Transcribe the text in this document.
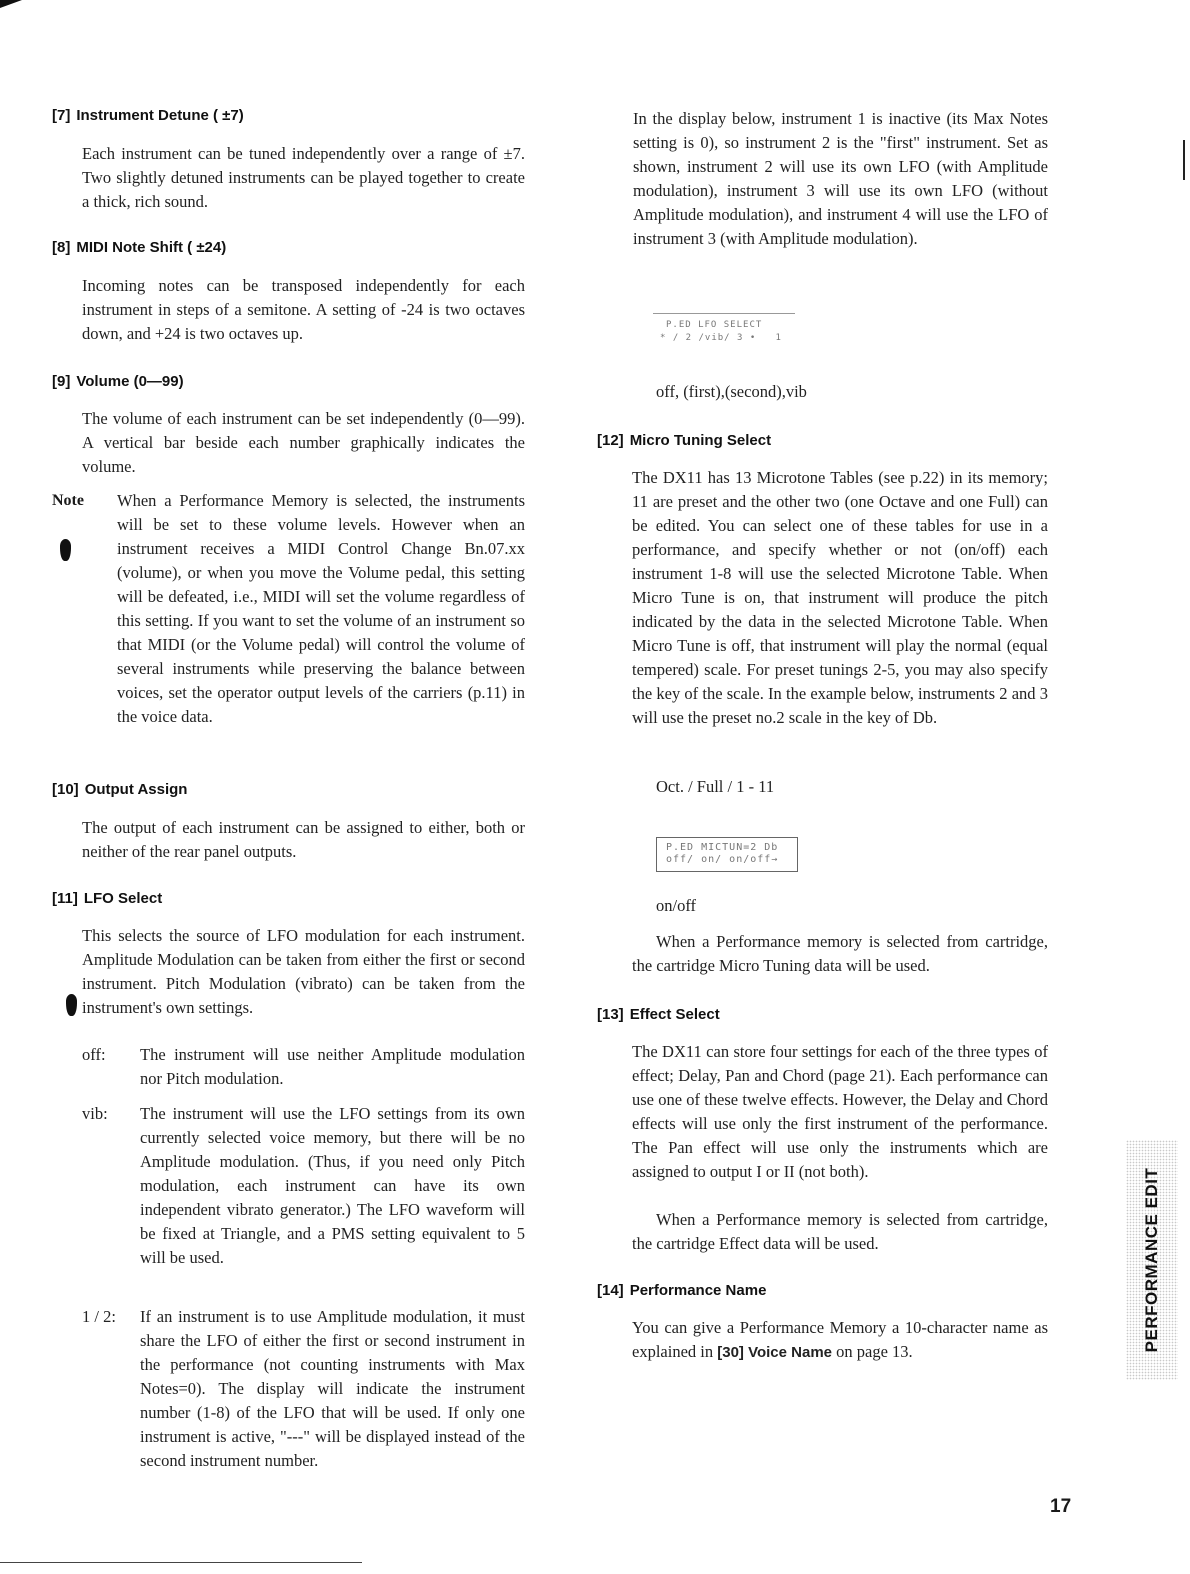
[7] Instrument Detune ( ±7)
Each instrument can be tuned independently over a range of ±7. Two slightly detuned instruments can be played together to create a thick, rich sound.
[8] MIDI Note Shift ( ±24)
Incoming notes can be transposed independently for each instrument in steps of a semitone. A setting of -24 is two octaves down, and +24 is two octaves up.
[9] Volume (0—99)
The volume of each instrument can be set independently (0—99). A vertical bar beside each number graphically indicates the volume.
Note When a Performance Memory is selected, the instruments will be set to these volume levels. However when an instrument receives a MIDI Control Change Bn.07.xx (volume), or when you move the Volume pedal, this setting will be defeated, i.e., MIDI will set the volume regardless of this setting. If you want to set the volume of an instrument so that MIDI (or the Volume pedal) will control the volume of several instruments while preserving the balance between voices, set the operator output levels of the carriers (p.11) in the voice data.
[10] Output Assign
The output of each instrument can be assigned to either, both or neither of the rear panel outputs.
[11] LFO Select
This selects the source of LFO modulation for each instrument. Amplitude Modulation can be taken from either the first or second instrument. Pitch Modulation (vibrato) can be taken from the instrument's own settings.
off:	The instrument will use neither Amplitude modulation nor Pitch modulation.
vib:	The instrument will use the LFO settings from its own currently selected voice memory, but there will be no Amplitude modulation. (Thus, if you need only Pitch modulation, each instrument can have its own independent vibrato generator.) The LFO waveform will be fixed at Triangle, and a PMS setting equivalent to 5 will be used.
1 / 2:	If an instrument is to use Amplitude modulation, it must share the LFO of either the first or second instrument in the performance (not counting instruments with Max Notes=0). The display will indicate the instrument number (1-8) of the LFO that will be used. If only one instrument is active, "---" will be displayed instead of the second instrument number.
In the display below, instrument 1 is inactive (its Max Notes setting is 0), so instrument 2 is the "first" instrument. Set as shown, instrument 2 will use its own LFO (with Amplitude modulation), instrument 3 will use its own LFO (without Amplitude modulation), and instrument 4 will use the LFO of instrument 3 (with Amplitude modulation).
P.ED LFO SELECT
* / 2 /vib/ 3 •   1
off, (first),(second),vib
[12] Micro Tuning Select
The DX11 has 13 Microtone Tables (see p.22) in its memory; 11 are preset and the other two (one Octave and one Full) can be edited. You can select one of these tables for use in a performance, and specify whether or not (on/off) each instrument 1-8 will use the selected Microtone Table. When Micro Tune is on, that instrument will produce the pitch indicated by the data in the selected Microtone Table. When Micro Tune is off, that instrument will play the normal (equal tempered) scale. For preset tunings 2-5, you may also specify the key of the scale. In the example below, instruments 2 and 3 will use the preset no.2 scale in the key of Db.
Oct. / Full / 1 - 11
P.ED MICTUN=2 Db
off/ on/ on/off→
on/off
When a Performance memory is selected from cartridge, the cartridge Micro Tuning data will be used.
[13] Effect Select
The DX11 can store four settings for each of the three types of effect; Delay, Pan and Chord (page 21). Each performance can use one of these twelve effects. However, the Delay and Chord effects will use only the first instrument of the performance. The Pan effect will use only the instruments which are assigned to output I or II (not both).
When a Performance memory is selected from cartridge, the cartridge Effect data will be used.
[14] Performance Name
You can give a Performance Memory a 10-character name as explained in [30] Voice Name on page 13.	PERFORMANCE EDIT
17
